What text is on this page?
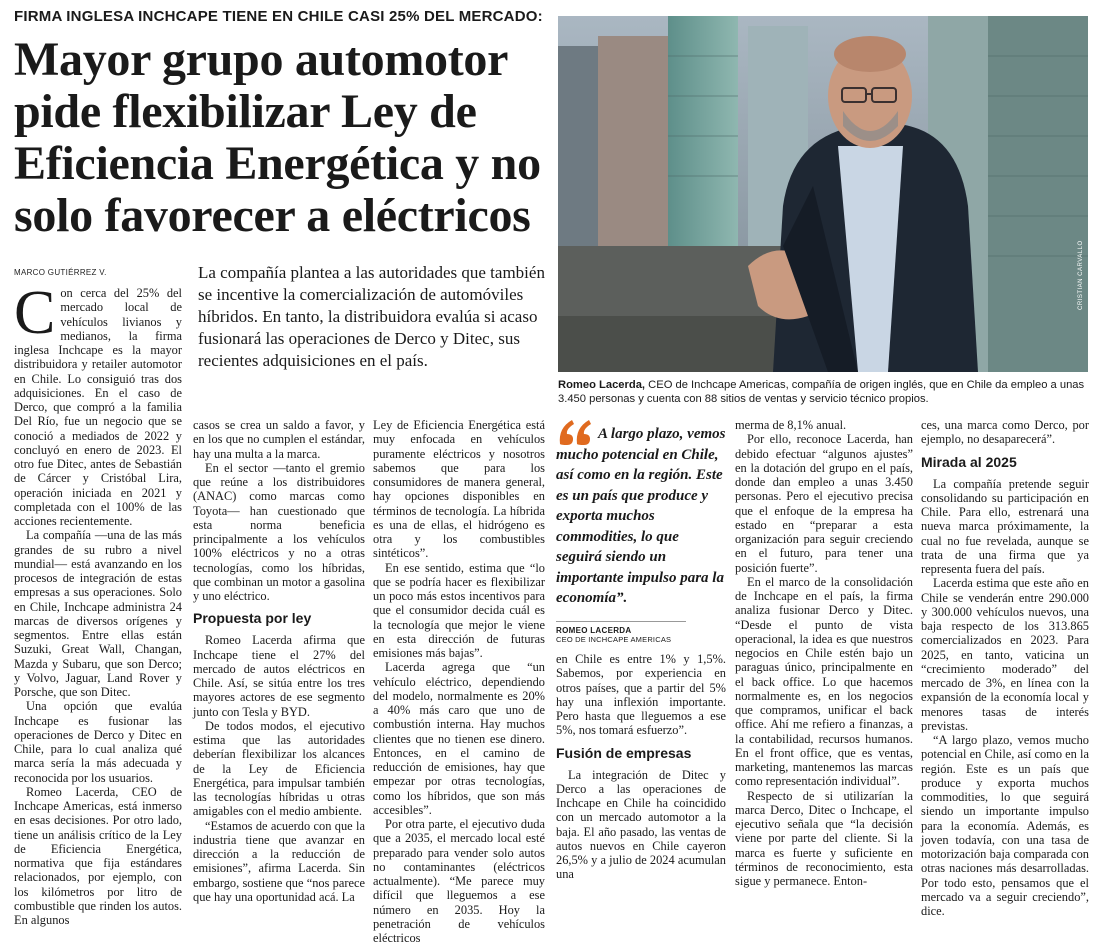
FIRMA INGLESA INCHCAPE TIENE EN CHILE CASI 25% DEL MERCADO:
Mayor grupo automotor pide flexibilizar Ley de Eficiencia Energética y no solo favorecer a eléctricos
MARCO GUTIÉRREZ V.	La compañía plantea a las autoridades que también se incentive la comercialización de automóviles híbridos. En tanto, la distribuidora evalúa si acaso fusionará las operaciones de Derco y Ditec, sus recientes adquisiciones en el país.
CRISTIAN CARVALLO
Romeo Lacerda, CEO de Inchcape Americas, compañía de origen inglés, que en Chile da empleo a unas 3.450 personas y cuenta con 88 sitios de ventas y servicio técnico propios.
C on cerca del 25% del mercado local de vehículos livianos y medianos, la firma inglesa Inchcape es la mayor distribuidora y retailer automotor en Chile. Lo consiguió tras dos adquisiciones. En el caso de Derco, que compró a la familia Del Río, fue un negocio que se conoció a mediados de 2022 y concluyó en enero de 2023. El otro fue Ditec, antes de Sebastián de Cárcer y Cristóbal Lira, operación iniciada en 2021 y completada con el 100% de las acciones recientemente.

La compañía —una de las más grandes de su rubro a nivel mundial— está avanzando en los procesos de integración de estas empresas a sus operaciones. Solo en Chile, Inchcape administra 24 marcas de diversos orígenes y segmentos. Entre ellas están Suzuki, Great Wall, Changan, Mazda y Subaru, que son Derco; y Volvo, Jaguar, Land Rover y Porsche, que son Ditec.

Una opción que evalúa Inchcape es fusionar las operaciones de Derco y Ditec en Chile, para lo cual analiza qué marca sería la más adecuada y reconocida por los usuarios.

Romeo Lacerda, CEO de Inchcape Americas, está inmerso en esas decisiones. Por otro lado, tiene un análisis crítico de la Ley de Eficiencia Energética, normativa que fija estándares relacionados, por ejemplo, con los kilómetros por litro de combustible que rinden los autos. En algunos

casos se crea un saldo a favor, y en los que no cumplen el estándar, hay una multa a la marca.

En el sector —tanto el gremio que reúne a los distribuidores (ANAC) como marcas como Toyota— han cuestionado que esta norma beneficia principalmente a los vehículos 100% eléctricos y no a otras tecnologías, como los híbridas, que combinan un motor a gasolina y uno eléctrico.

Propuesta por ley

Romeo Lacerda afirma que Inchcape tiene el 27% del mercado de autos eléctricos en Chile. Así, se sitúa entre los tres mayores actores de ese segmento junto con Tesla y BYD.

De todos modos, el ejecutivo estima que las autoridades deberían flexibilizar los alcances de la Ley de Eficiencia Energética, para impulsar también las tecnologías híbridas u otras amigables con el medio ambiente.

“Estamos de acuerdo con que la industria tiene que avanzar en dirección a la reducción de emisiones”, afirma Lacerda. Sin embargo, sostiene que “nos parece que hay una oportunidad acá. La

Ley de Eficiencia Energética está muy enfocada en vehículos puramente eléctricos y nosotros sabemos que para los consumidores de manera general, hay opciones disponibles en términos de tecnología. La híbrida es una de ellas, el hidrógeno es otra y los combustibles sintéticos”.

En ese sentido, estima que “lo que se podría hacer es flexibilizar un poco más estos incentivos para que el consumidor decida cuál es la tecnología que mejor le viene en esta dirección de futuras emisiones más bajas”.

Lacerda agrega que “un vehículo eléctrico, dependiendo del modelo, normalmente es 20% a 40% más caro que uno de combustión interna. Hay muchos clientes que no tienen ese dinero. Entonces, en el camino de reducción de emisiones, hay que empezar por otras tecnologías, como los híbridos, que son más accesibles”.

Por otra parte, el ejecutivo duda que a 2035, el mercado local esté preparado para vender solo autos no contaminantes (eléctricos actualmente). “Me parece muy difícil que lleguemos a ese número en 2035. Hoy la penetración de vehículos eléctricos

A largo plazo, vemos mucho potencial en Chile, así como en la región. Este es un país que produce y exporta muchos commodities, lo que seguirá siendo un importante impulso para la economía”.
ROMEO LACERDA
CEO DE INCHCAPE AMERICAS

en Chile es entre 1% y 1,5%. Sabemos, por experiencia en otros países, que a partir del 5% hay una inflexión importante. Pero hasta que lleguemos a ese 5%, nos tomará esfuerzo”.

Fusión de empresas

La integración de Ditec y Derco a las operaciones de Inchcape en Chile ha coincidido con un mercado automotor a la baja. El año pasado, las ventas de autos nuevos en Chile cayeron 26,5% y a julio de 2024 acumulan una

merma de 8,1% anual.

Por ello, reconoce Lacerda, han debido efectuar “algunos ajustes” en la dotación del grupo en el país, donde dan empleo a unas 3.450 personas. Pero el ejecutivo precisa que el enfoque de la empresa ha estado en “preparar a esta organización para seguir creciendo en el futuro, para tener una posición fuerte”.

En el marco de la consolidación de Inchcape en el país, la firma analiza fusionar Derco y Ditec. “Desde el punto de vista operacional, la idea es que nuestros negocios en Chile estén bajo un paraguas único, principalmente en el back office. Lo que hacemos normalmente es, en los negocios que compramos, unificar el back office. Ahí me refiero a finanzas, a la contabilidad, recursos humanos. En el front office, que es ventas, marketing, mantenemos las marcas como representación individual”.

Respecto de si utilizarían la marca Derco, Ditec o Inchcape, el ejecutivo señala que “la decisión viene por parte del cliente. Si la marca es fuerte y suficiente en términos de reconocimiento, esta sigue y permanece. Enton-

ces, una marca como Derco, por ejemplo, no desaparecerá”.

Mirada al 2025

La compañía pretende seguir consolidando su participación en Chile. Para ello, estrenará una nueva marca próximamente, la cual no fue revelada, aunque se trata de una firma que ya representa fuera del país.

Lacerda estima que este año en Chile se venderán entre 290.000 y 300.000 vehículos nuevos, una baja respecto de los 313.865 comercializados en 2023. Para 2025, en tanto, vaticina un “crecimiento moderado” del mercado de 3%, en línea con la expansión de la economía local y menores tasas de interés previstas.

“A largo plazo, vemos mucho potencial en Chile, así como en la región. Este es un país que produce y exporta muchos commodities, lo que seguirá siendo un importante impulso para la economía. Además, es joven todavía, con una tasa de motorización baja comparada con otras naciones más desarrolladas. Por todo esto, pensamos que el mercado va a seguir creciendo”, dice.
